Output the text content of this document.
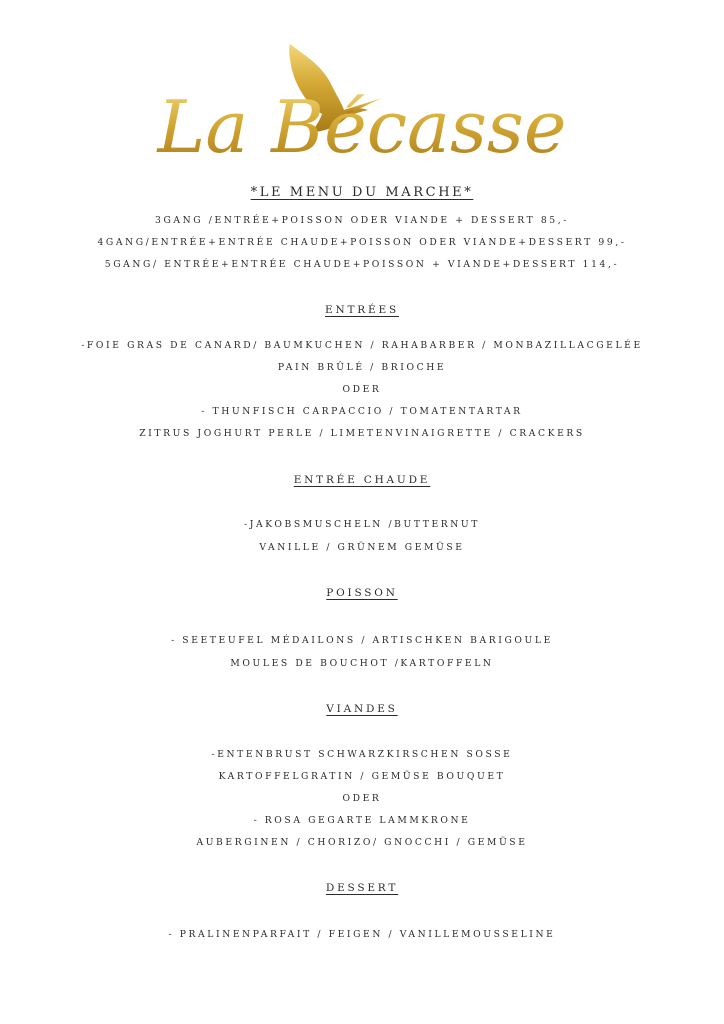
La Bécasse
*LE MENU DU MARCHE*
3GANG /ENTRÉE+POISSON ODER VIANDE + DESSERT 85,-
4GANG/ENTRÉE+ENTRÉE CHAUDE+POISSON ODER VIANDE+DESSERT 99,-
5GANG/ ENTRÉE+ENTRÉE CHAUDE+POISSON + VIANDE+DESSERT 114,-
ENTRÉES
-FOIE GRAS DE CANARD/ BAUMKUCHEN / RAHABARBER / MONBAZILLACGELÉE
PAIN BRÛLÉ / BRIOCHE
ODER
- THUNFISCH CARPACCIO / TOMATENTARTAR
ZITRUS JOGHURT PERLE / LIMETENVINAIGRETTE / CRACKERS
ENTRÉE CHAUDE
-JAKOBSMUSCHELN /BUTTERNUT
VANILLE / GRÜNEM GEMÜSE
POISSON
- SEETEUFEL MÉDAILONS / ARTISCHKEN BARIGOULE
MOULES DE BOUCHOT /KARTOFFELN
VIANDES
-ENTENBRUST SCHWARZKIRSCHEN SOSSE
KARTOFFELGRATIN / GEMÜSE BOUQUET
ODER
- ROSA GEGARTE LAMMKRONE
AUBERGINEN / CHORIZO/ GNOCCHI / GEMÜSE
DESSERT
- PRALINENPARFAIT / FEIGEN / VANILLEMOUSSELINE
